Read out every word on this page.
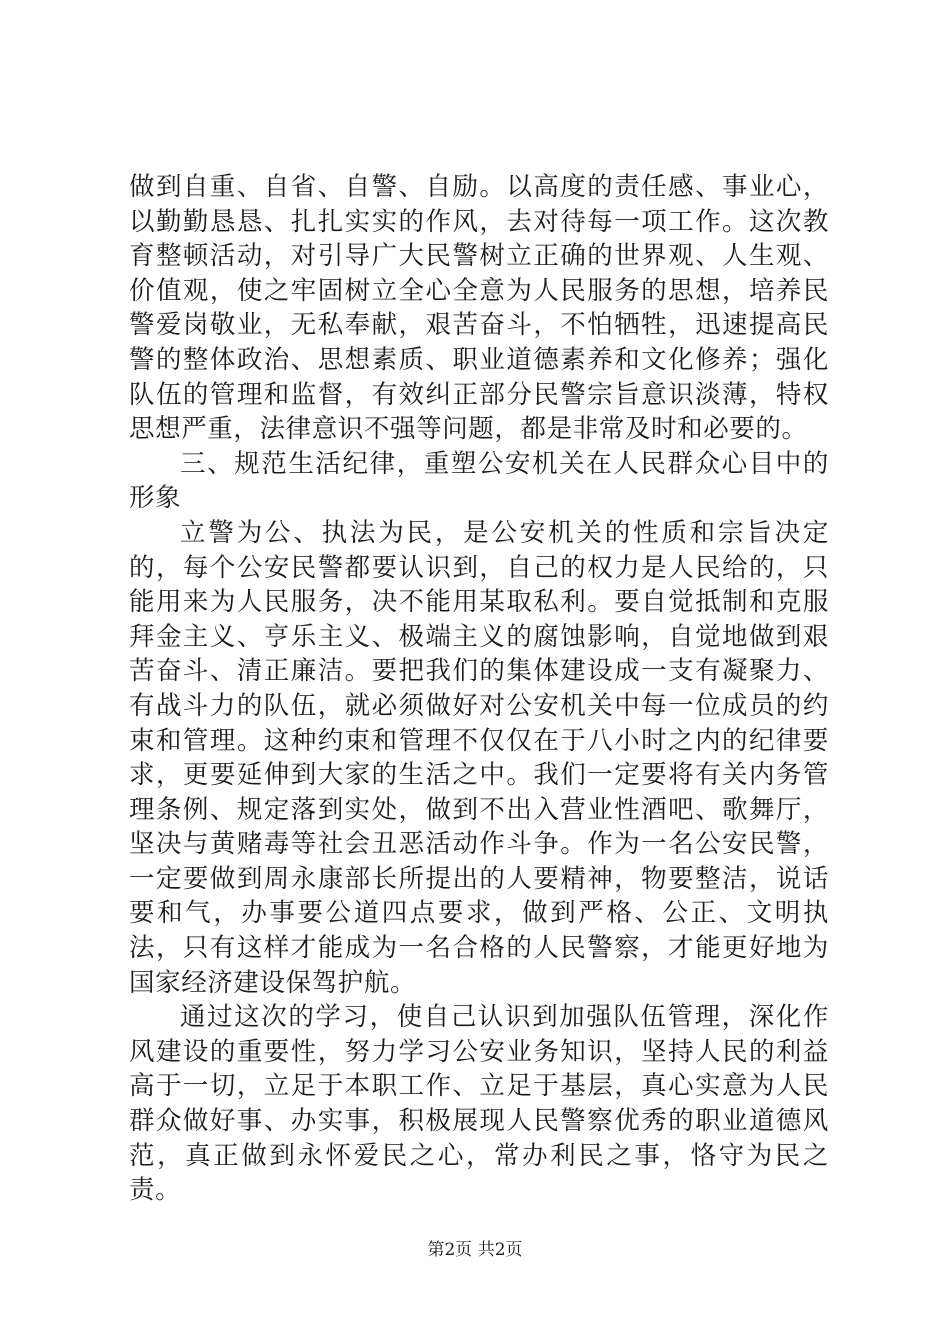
做到自重、自省、自警、自励。以高度的责任感、事业心，以勤勤恳恳、扎扎实实的作风，去对待每一项工作。这次教育整顿活动，对引导广大民警树立正确的世界观、人生观、价值观，使之牢固树立全心全意为人民服务的思想，培养民警爱岗敬业，无私奉献，艰苦奋斗，不怕牺牲，迅速提高民警的整体政治、思想素质、职业道德素养和文化修养；强化队伍的管理和监督，有效纠正部分民警宗旨意识淡薄，特权思想严重，法律意识不强等问题，都是非常及时和必要的。

三、规范生活纪律，重塑公安机关在人民群众心目中的形象

立警为公、执法为民，是公安机关的性质和宗旨决定的，每个公安民警都要认识到，自己的权力是人民给的，只能用来为人民服务，决不能用某取私利。要自觉抵制和克服拜金主义、亨乐主义、极端主义的腐蚀影响，自觉地做到艰苦奋斗、清正廉洁。要把我们的集体建设成一支有凝聚力、有战斗力的队伍，就必须做好对公安机关中每一位成员的约束和管理。这种约束和管理不仅仅在于八小时之内的纪律要求，更要延伸到大家的生活之中。我们一定要将有关内务管理条例、规定落到实处，做到不出入营业性酒吧、歌舞厅，坚决与黄赌毒等社会丑恶活动作斗争。作为一名公安民警，一定要做到周永康部长所提出的人要精神，物要整洁，说话要和气，办事要公道四点要求，做到严格、公正、文明执法，只有这样才能成为一名合格的人民警察，才能更好地为国家经济建设保驾护航。

通过这次的学习，使自己认识到加强队伍管理，深化作风建设的重要性，努力学习公安业务知识，坚持人民的利益高于一切，立足于本职工作、立足于基层，真心实意为人民群众做好事、办实事，积极展现人民警察优秀的职业道德风范，真正做到永怀爱民之心，常办利民之事，恪守为民之责。

第2页 共2页
